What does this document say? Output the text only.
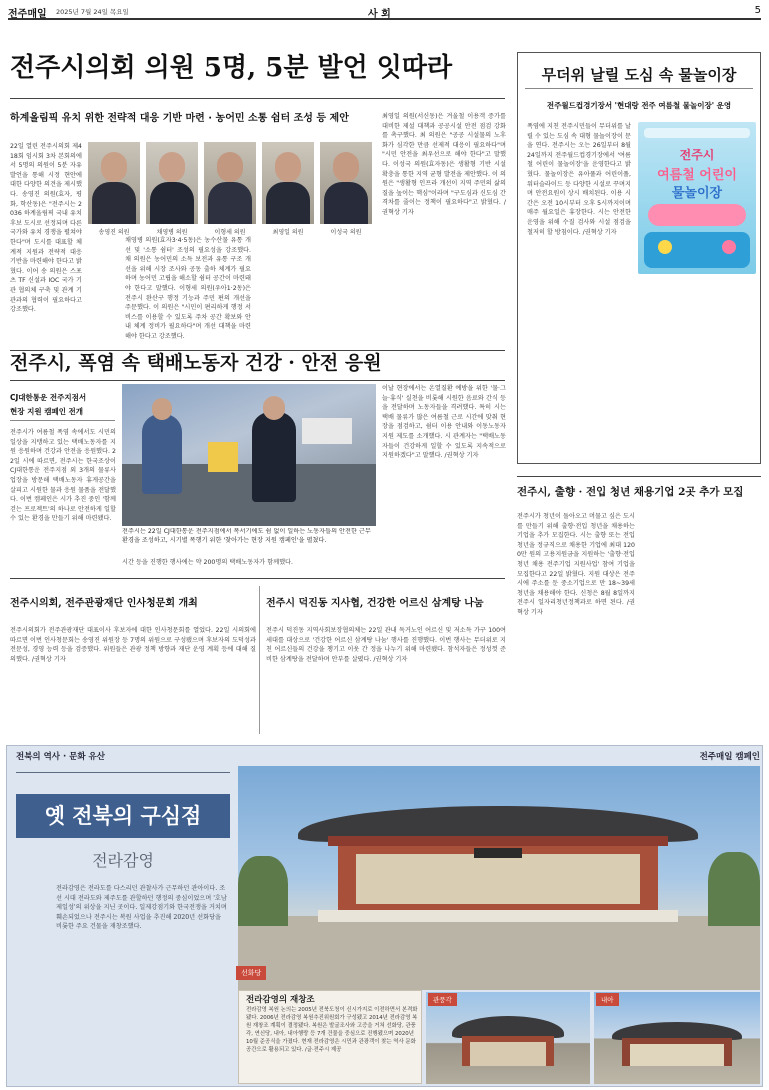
전주매일 2025년 7월 24일 목요일	사 회	5
전주시의회 의원 5명, 5분 발언 잇따라
하계올림픽 유치 위한 전략적 대응 기반 마련 · 농어민 소통 쉼터 조성 등 제안
22일 열린 전주시의회 제418회 임시회 3차 본회의에서 5명의 의원이 5분 자유발언을 통해 시정 현안에 대한 다양한 의견을 제시했다. 송영진 의원(효자, 평화, 학산동)은 "전주시는 2036 하계올림픽 국내 유치 후보 도시로 선정되며 다른 국가와 유치 경쟁을 펼쳐야 한다"며 도시를 대표할 체계적 지원과 전략적 대응 기반을 마련해야 한다고 밝혔다. 이어 송 의원은 스포츠 TF 신설과 IOC 국가 기관 협의체 구축 및 관계 기관과의 협력이 필요하다고 강조했다.
송영진 의원	채영병 의원	이형세 의원	최영일 의원	이성국 의원
채영병 의원(효자3·4·5동)은 농수산물 유통 개선 및 '소통 쉼터' 조성의 필요성을 강조했다. 채 의원은 농어민의 소득 보전과 유통 구조 개선을 위해 시장 조사와 공동 출하 체계가 필요하며 농어민 고립을 해소할 쉼터 공간이 마련돼야 한다고 말했다. 이형세 의원(우아1·2동)은 전주시 완산구 행정 기능과 주민 편의 개선을 주문했다. 이 의원은 "시민이 편리하게 행정 서비스를 이용할 수 있도록 주차 공간 확보와 안내 체계 정비가 필요하다"며 개선 대책을 마련해야 한다고 강조했다.
최영일 의원(서신동)은 겨울철 이용객 증가를 대비한 제설 대책과 공공시설 안전 점검 강화를 촉구했다. 최 의원은 "공공 시설물의 노후화가 심각한 만큼 선제적 대응이 필요하다"며 "시민 안전을 최우선으로 해야 한다"고 말했다. 이성국 의원(효자동)은 생활형 기반 시설 확충을 통한 지역 균형 발전을 제안했다. 이 의원은 "생활형 인프라 개선이 지역 주민의 삶의 질을 높이는 핵심"이라며 "구도심과 신도심 간 격차를 줄이는 정책이 필요하다"고 밝혔다. /권혁상 기자
전주시, 폭염 속 택배노동자 건강 · 안전 응원
CJ대한통운 전주지점서
현장 지원 캠페인 전개
전주시가 여름철 폭염 속에서도 시민의 일상을 지탱하고 있는 택배노동자를 지원 응원하며 건강과 안전을 응원했다. 22일 시에 따르면, 전주시는 한국조상이 CJ대한통운 전주지점 외 3개의 물류사업장을 방문해 택배노동자 휴게공간을 살피고 시원한 물과 응원 물품을 전달했다. 이번 캠페인은 시가 추진 중인 '함께 걷는 프로젝트'의 하나로 안전하게 일할 수 있는 환경을 만들기 위해 마련됐다.
전주시는 22일 CJ대한통운 전주지점에서 폭서기에도 쉼 없이 일하는 노동자들의 안전한 근무 환경을 조성하고, 시기별 폭행기 위한 '찾아가는 현장 지원 캠페인'을 펼쳤다.
시간 등을 진행한 행사에는 약 200명의 택배노동자가 함께했다.
이날 현장에서는 온열질환 예방을 위한 '물·그늘·휴식' 실천을 비롯해 시원한 음료와 간식 등을 전달하며 노동자들을 격려했다. 특히 시는 택배 물류가 많은 여름철 근로 시간에 맞춰 현장을 점검하고, 쉼터 이용 안내와 이동노동자 지원 제도를 소개했다. 시 관계자는 "택배노동자들이 건강하게 일할 수 있도록 지속적으로 지원하겠다"고 말했다. /권혁상 기자
전주시의회, 전주관광재단 인사청문회 개최
전주시의회가 전주관광재단 대표이사 후보자에 대한 인사청문회를 열었다. 22일 시의회에 따르면 이번 인사청문회는 송영진 위원장 등 7명의 위원으로 구성됐으며 후보자의 도덕성과 전문성, 경영 능력 등을 검증했다. 위원들은 관광 정책 방향과 재단 운영 계획 등에 대해 질의했다. /권혁상 기자
전주시 덕진동 지사협, 건강한 어르신 삼계탕 나눔
전주시 덕진동 지역사회보장협의체는 22일 관내 독거노인 어르신 및 저소득 가구 100여 세대를 대상으로 '건강한 어르신 삼계탕 나눔' 행사를 진행했다. 이번 행사는 무더위로 지친 어르신들의 건강을 챙기고 이웃 간 정을 나누기 위해 마련됐다. 참석자들은 정성껏 준비한 삼계탕을 전달하며 안부를 살폈다. /권혁상 기자
무더위 날릴 도심 속 물놀이장
전주월드컵경기장서 '현대랑 전주 여름철 물놀이장' 운영
폭염에 지친 전주시민들이 무더위를 날릴 수 있는 도심 속 대형 물놀이장이 문을 연다. 전주시는 오는 26일부터 8월 24일까지 전주월드컵경기장에서 '여름철 어린이 물놀이장'을 운영한다고 밝혔다. 물놀이장은 유아풀과 어린이풀, 워터슬라이드 등 다양한 시설로 꾸며지며 안전요원이 상시 배치된다. 이용 시간은 오전 10시부터 오후 5시까지이며 매주 월요일은 휴장한다. 시는 안전한 운영을 위해 수질 검사와 시설 점검을 철저히 할 방침이다. /권혁상 기자
전주시
여름철 어린이
물놀이장
전주시, 출향 · 전입 청년 채용기업 2곳 추가 모집
전주시가 청년이 돌아오고 머물고 싶은 도시를 만들기 위해 출향·전입 청년을 채용하는 기업을 추가 모집한다. 시는 출향 또는 전입 청년을 정규직으로 채용한 기업에 최대 1200만 원의 고용지원금을 지원하는 '출향·전입 청년 채용 전주기업 지원사업' 참여 기업을 모집한다고 22일 밝혔다. 지원 대상은 전주시에 주소를 둔 중소기업으로 만 18~39세 청년을 채용해야 한다. 신청은 8월 8일까지 전주시 일자리청년정책과로 하면 된다. /권혁상 기자
전북의 역사 · 문화 유산	전주매일 캠페인
옛 전북의 구심점
전라감영
전라감영은 전라도를 다스리던 관찰사가 근무하던 관아이다. 조선 시대 전라도와 제주도를 관할하던 행정의 중심이었으며 '호남제일성'의 위상을 지닌 곳이다. 일제강점기와 한국전쟁을 거치며 훼손되었으나 전주시는 복원 사업을 추진해 2020년 선화당을 비롯한 주요 건물을 재창조했다.
선화당
전라감영의 재창조
전라감영 복원 논의는 2005년 전북도청이 신시가지로 이전하면서 본격화됐다. 2006년 전라감영 복원추진위원회가 구성됐고 2014년 전라감영 복원 재창조 계획이 결정됐다. 복원은 발굴조사와 고증을 거쳐 선화당, 관풍각, 연신당, 내아, 내아행랑 등 7개 건물을 중심으로 진행됐으며 2020년 10월 준공식을 가졌다. 현재 전라감영은 시민과 관광객이 찾는 역사 문화 공간으로 활용되고 있다. /글·전주시 제공
관풍각	내아
